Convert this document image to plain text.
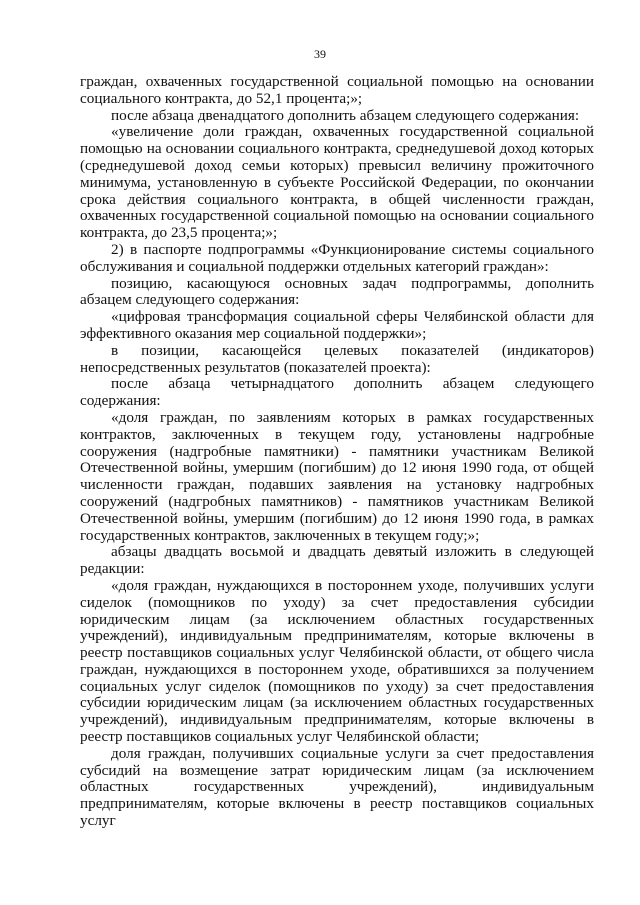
39

граждан, охваченных государственной социальной помощью на основании социального контракта, до 52,1 процента;»;

после абзаца двенадцатого дополнить абзацем следующего содержания:

«увеличение доли граждан, охваченных государственной социальной помощью на основании социального контракта, среднедушевой доход которых (среднедушевой доход семьи которых) превысил величину прожиточного минимума, установленную в субъекте Российской Федерации, по окончании срока действия социального контракта, в общей численности граждан, охваченных государственной социальной помощью на основании социального контракта, до 23,5 процента;»;

2) в паспорте подпрограммы «Функционирование системы социального обслуживания и социальной поддержки отдельных категорий граждан»:

позицию, касающуюся основных задач подпрограммы, дополнить абзацем следующего содержания:

«цифровая трансформация социальной сферы Челябинской области для эффективного оказания мер социальной поддержки»;

в позиции, касающейся целевых показателей (индикаторов) непосредственных результатов (показателей проекта):

после абзаца четырнадцатого дополнить абзацем следующего содержания:

«доля граждан, по заявлениям которых в рамках государственных контрактов, заключенных в текущем году, установлены надгробные сооружения (надгробные памятники) - памятники участникам Великой Отечественной войны, умершим (погибшим) до 12 июня 1990 года, от общей численности граждан, подавших заявления на установку надгробных сооружений (надгробных памятников) - памятников участникам Великой Отечественной войны, умершим (погибшим) до 12 июня 1990 года, в рамках государственных контрактов, заключенных в текущем году;»;

абзацы двадцать восьмой и двадцать девятый изложить в следующей редакции:

«доля граждан, нуждающихся в постороннем уходе, получивших услуги сиделок (помощников по уходу) за счет предоставления субсидии юридическим лицам (за исключением областных государственных учреждений), индивидуальным предпринимателям, которые включены в реестр поставщиков социальных услуг Челябинской области, от общего числа граждан, нуждающихся в постороннем уходе, обратившихся за получением социальных услуг сиделок (помощников по уходу) за счет предоставления субсидии юридическим лицам (за исключением областных государственных учреждений), индивидуальным предпринимателям, которые включены в реестр поставщиков социальных услуг Челябинской области;

доля граждан, получивших социальные услуги за счет предоставления субсидий на возмещение затрат юридическим лицам (за исключением областных государственных учреждений), индивидуальным предпринимателям, которые включены в реестр поставщиков социальных услуг
